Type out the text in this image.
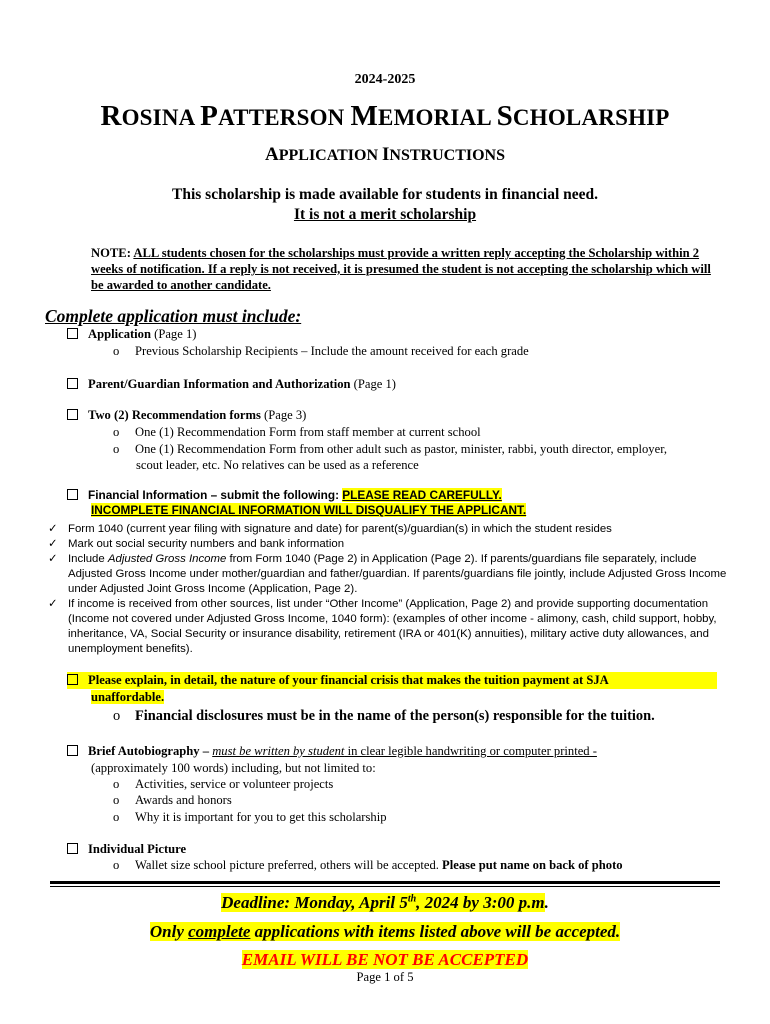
2024-2025
ROSINA PATTERSON MEMORIAL SCHOLARSHIP
APPLICATION INSTRUCTIONS
This scholarship is made available for students in financial need.
It is not a merit scholarship
NOTE: ALL students chosen for the scholarships must provide a written reply accepting the Scholarship within 2 weeks of notification. If a reply is not received, it is presumed the student is not accepting the scholarship which will be awarded to another candidate.
Complete application must include:
Application (Page 1)
o Previous Scholarship Recipients – Include the amount received for each grade
Parent/Guardian Information and Authorization (Page 1)
Two (2) Recommendation forms (Page 3)
o One (1) Recommendation Form from staff member at current school
o One (1) Recommendation Form from other adult such as pastor, minister, rabbi, youth director, employer,
scout leader, etc. No relatives can be used as a reference
Financial Information – submit the following: PLEASE READ CAREFULLY.
INCOMPLETE FINANCIAL INFORMATION WILL DISQUALIFY THE APPLICANT.
✓ Form 1040 (current year filing with signature and date) for parent(s)/guardian(s) in which the student resides
✓ Mark out social security numbers and bank information
✓ Include Adjusted Gross Income from Form 1040 (Page 2) in Application (Page 2). If parents/guardians file separately, include Adjusted Gross Income under mother/guardian and father/guardian. If parents/guardians file jointly, include Adjusted Gross Income under Adjusted Joint Gross Income (Application, Page 2).
✓ If income is received from other sources, list under “Other Income” (Application, Page 2) and provide supporting documentation (Income not covered under Adjusted Gross Income, 1040 form): (examples of other income - alimony, cash, child support, hobby, inheritance, VA, Social Security or insurance disability, retirement (IRA or 401(K) annuities), military active duty allowances, and unemployment benefits).
Please explain, in detail, the nature of your financial crisis that makes the tuition payment at SJA
unaffordable.
o Financial disclosures must be in the name of the person(s) responsible for the tuition.
Brief Autobiography – must be written by student in clear legible handwriting or computer printed -
(approximately 100 words) including, but not limited to:
o Activities, service or volunteer projects
o Awards and honors
o Why it is important for you to get this scholarship
Individual Picture
o Wallet size school picture preferred, others will be accepted. Please put name on back of photo
Deadline: Monday, April 5th, 2024 by 3:00 p.m.
Only complete applications with items listed above will be accepted.
EMAIL WILL BE NOT BE ACCEPTED
Page 1 of 5
